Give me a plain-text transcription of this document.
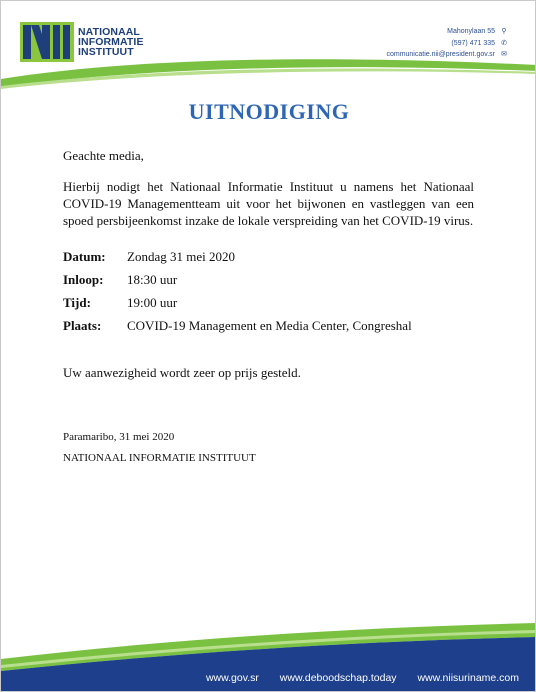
NATIONAAL
INFORMATIE
INSTITUUT
Mahonylaan 55 ⚲
(597) 471 335 ✆
communicatie.nii@president.gov.sr ✉
UITNODIGING
Geachte media,
Hierbij nodigt het Nationaal Informatie Instituut u namens het Nationaal COVID-19 Managementteam uit voor het bijwonen en vastleggen van een spoed persbijeenkomst inzake de lokale verspreiding van het COVID-19 virus.
Datum: Zondag 31 mei 2020
Inloop: 18:30 uur
Tijd:	19:00 uur
Plaats: COVID-19 Management en Media Center, Congreshal
Uw aanwezigheid wordt zeer op prijs gesteld.
Paramaribo, 31 mei 2020
NATIONAAL INFORMATIE INSTITUUT
www.gov.sr www.deboodschap.today www.niisuriname.com
